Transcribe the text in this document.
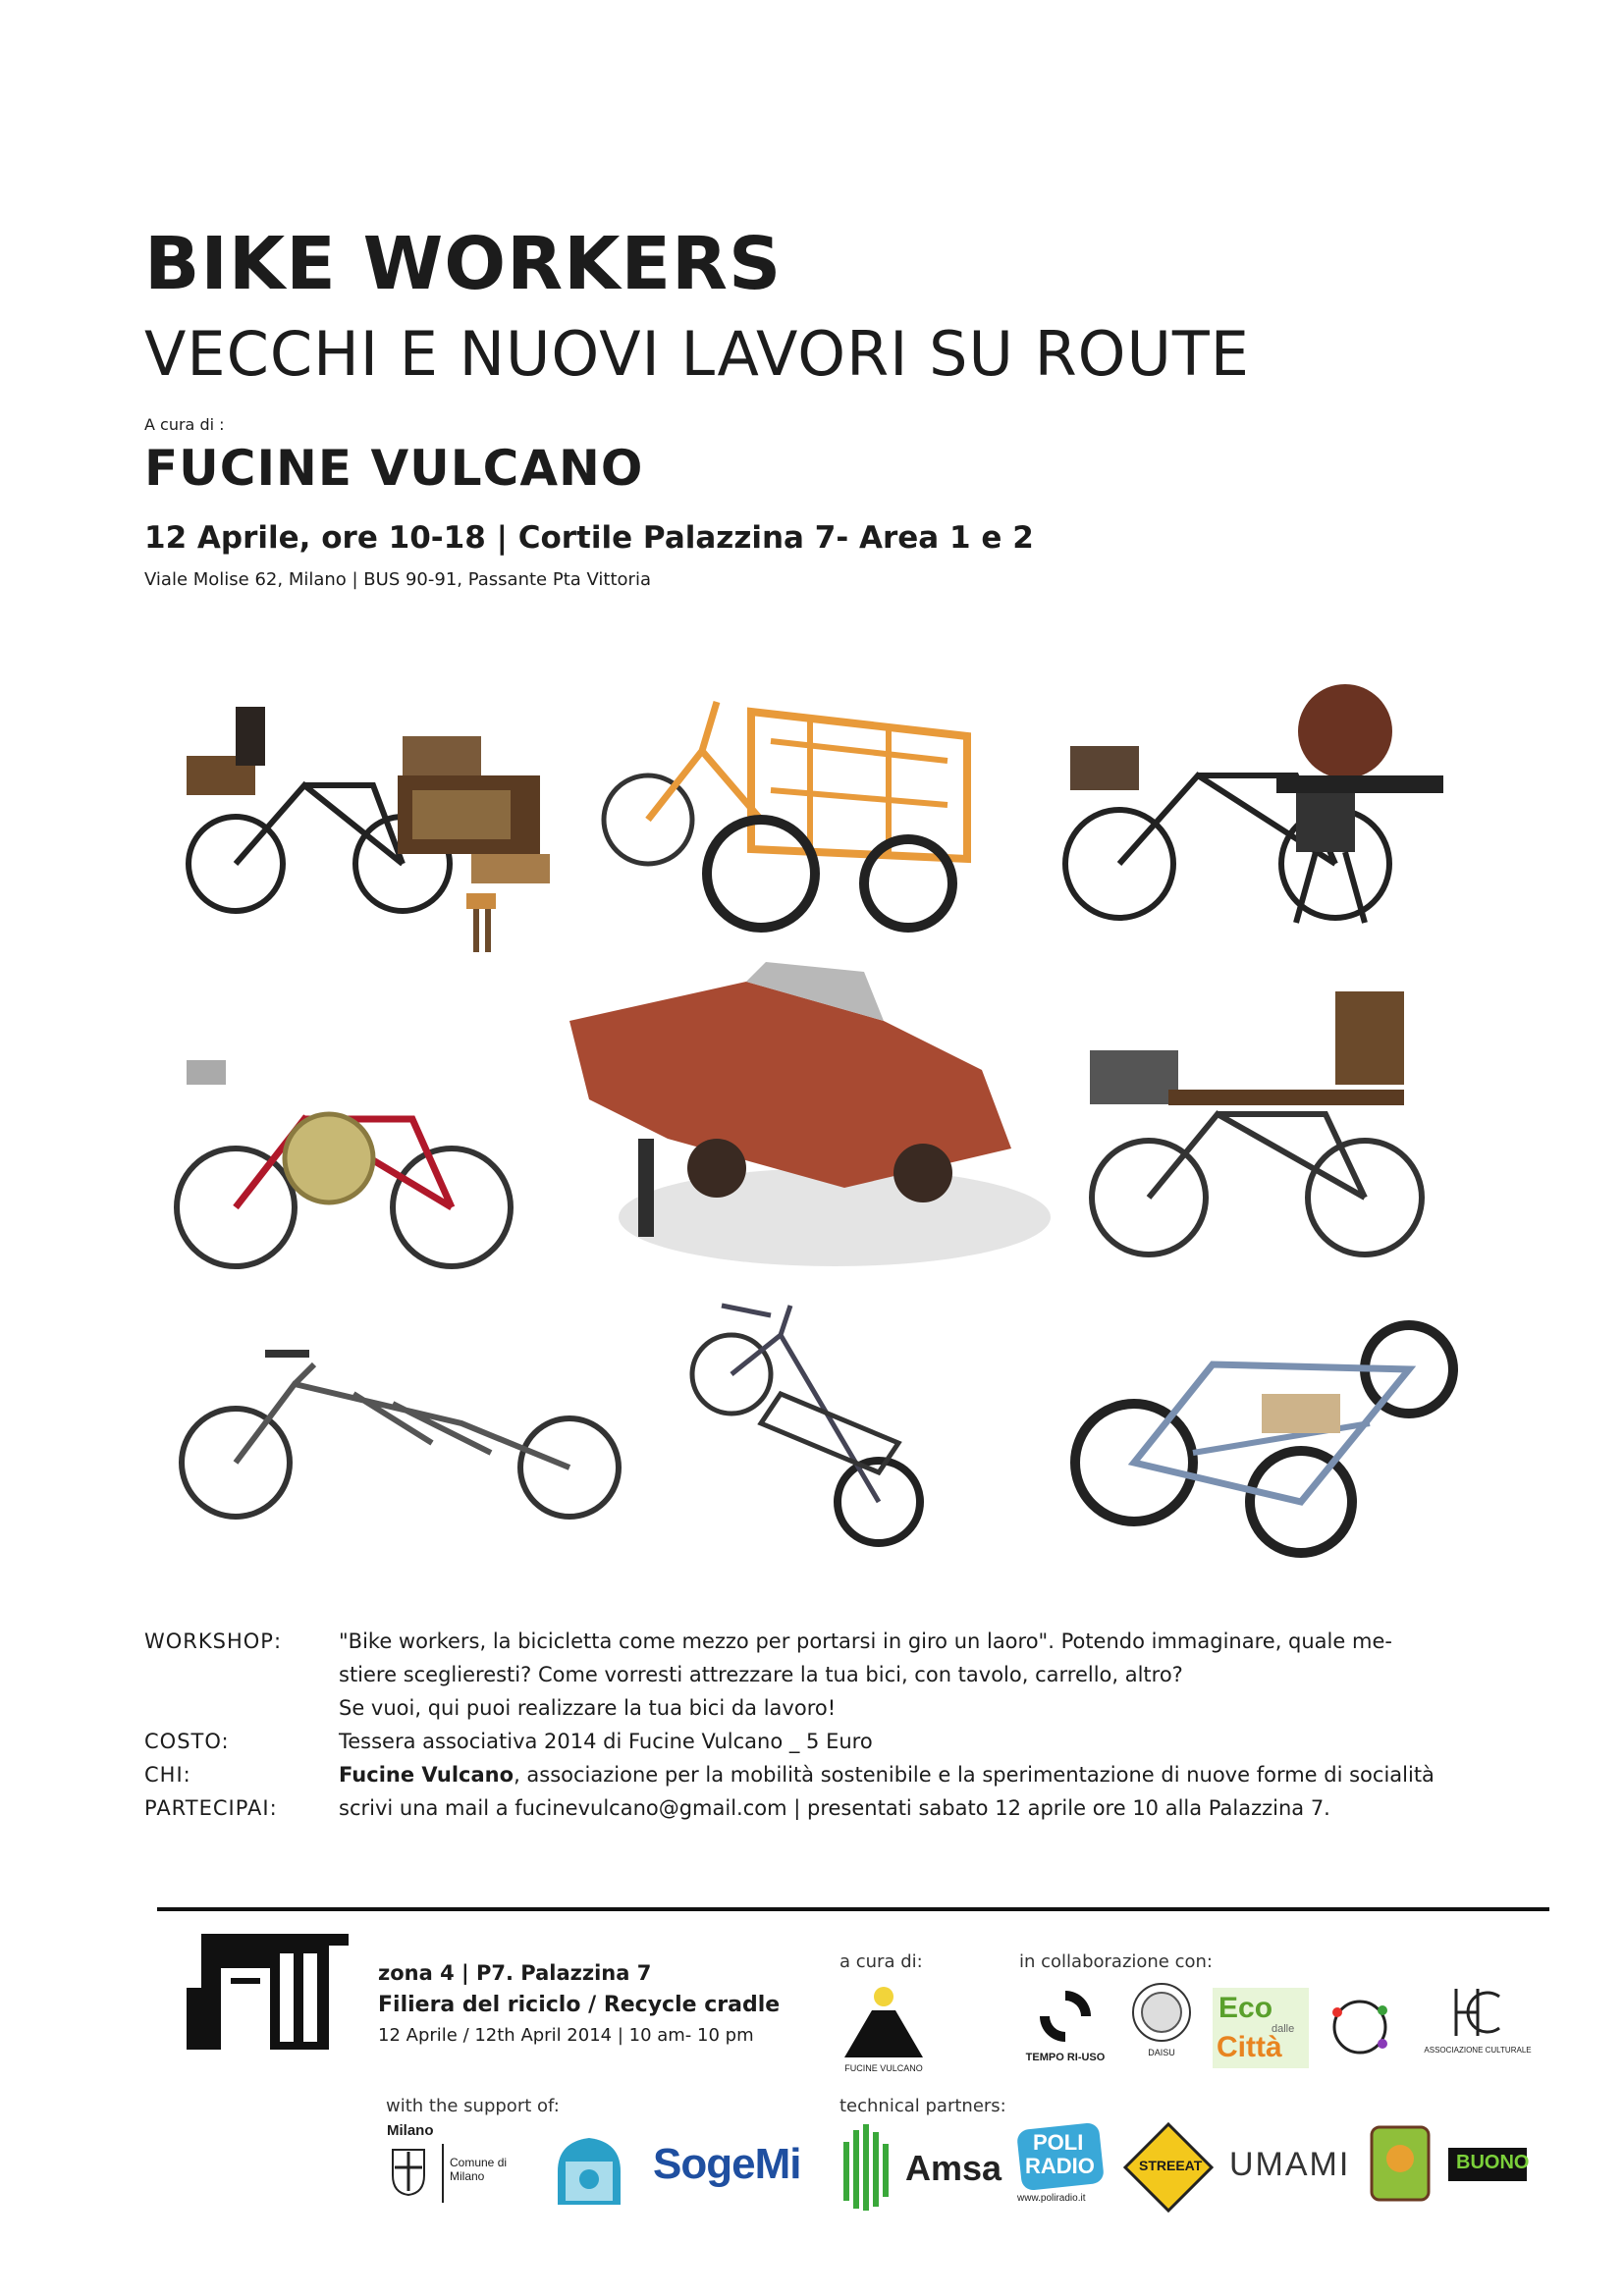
BIKE WORKERS
VECCHI E NUOVI LAVORI SU ROUTE
A cura di :
FUCINE VULCANO
12 Aprile, ore 10-18 | Cortile Palazzina 7- Area 1 e 2
Viale Molise 62, Milano | BUS 90-91, Passante Pta Vittoria
WORKSHOP:	"Bike workers, la bicicletta come mezzo per portarsi in giro un laoro". Potendo immaginare, quale me-
stiere sceglieresti? Come vorresti attrezzare la tua bici, con tavolo, carrello, altro?
Se vuoi, qui puoi realizzare la tua bici da lavoro!
COSTO:	Tessera associativa 2014 di Fucine Vulcano _ 5 Euro
CHI:	Fucine Vulcano, associazione per la mobilità sostenibile e la sperimentazione di nuove forme di socialità
PARTECIPAI:	scrivi una mail a fucinevulcano@gmail.com | presentati sabato 12 aprile ore 10 alla Palazzina 7.
zona 4 | P7. Palazzina 7
Filiera del riciclo / Recycle cradle
12 Aprile / 12th April 2014 | 10 am- 10 pm
a cura di:	in collaborazione con:
FUCINE VULCANO
TEMPO RI-USO	DAISU
Eco
dalle
Città	ASSOCIAZIONE CULTURALE
with the support of:	technical partners:
Milano
Comune di Milano	SogeMi	Amsa
POLI
RADIO
www.poliradio.it
STREEAT UMAMI	BUONO
